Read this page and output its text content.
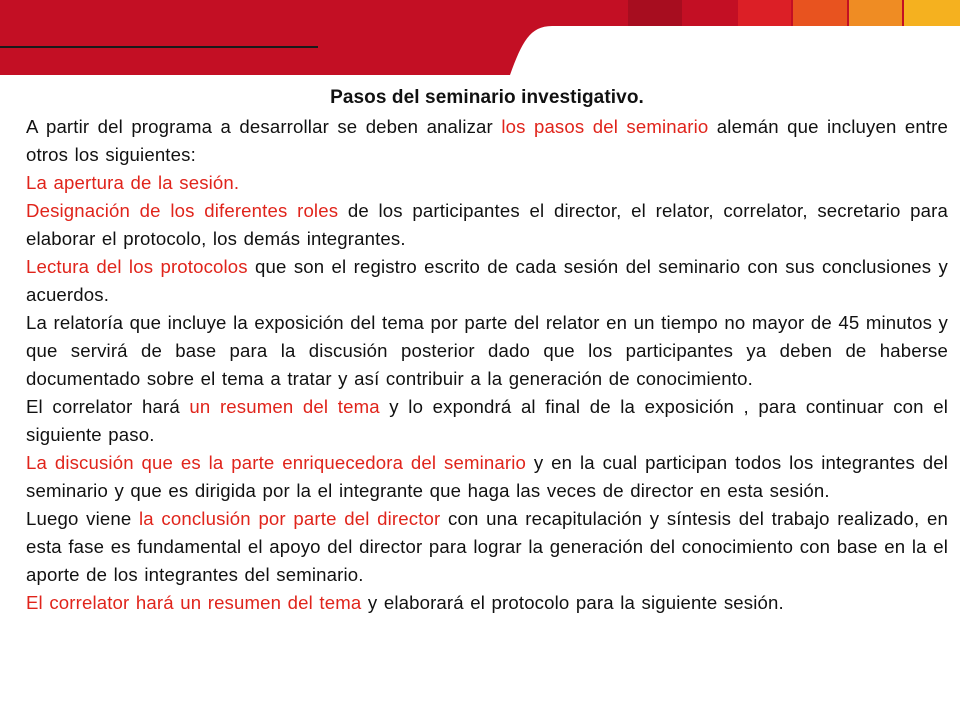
Pasos del seminario investigativo.

A partir del programa a desarrollar se deben analizar los pasos del seminario alemán que incluyen entre otros los siguientes:

La apertura de la sesión.

Designación de los diferentes roles de los participantes el director, el relator, correlator, secretario para elaborar el protocolo, los demás integrantes.

Lectura del los protocolos que son el registro escrito de cada sesión del seminario con sus conclusiones y acuerdos.

La relatoría que incluye la exposición del tema por parte del relator en un tiempo no mayor de 45 minutos y que servirá de base para la discusión posterior dado que los participantes ya deben de haberse documentado sobre el tema a tratar y así contribuir a la generación de conocimiento.

El correlator hará un resumen del tema y lo expondrá al final de la exposición , para continuar con el siguiente paso.

La discusión que es la parte enriquecedora del seminario y en la cual participan todos los integrantes del seminario y que es dirigida por la el integrante que haga las veces de director en esta sesión.

Luego viene la conclusión por parte del director con una recapitulación y síntesis del trabajo realizado, en esta fase es fundamental el apoyo del director para lograr la generación del conocimiento con base en la el aporte de los integrantes del seminario.

El correlator hará un resumen del tema y elaborará el protocolo para la siguiente sesión.
